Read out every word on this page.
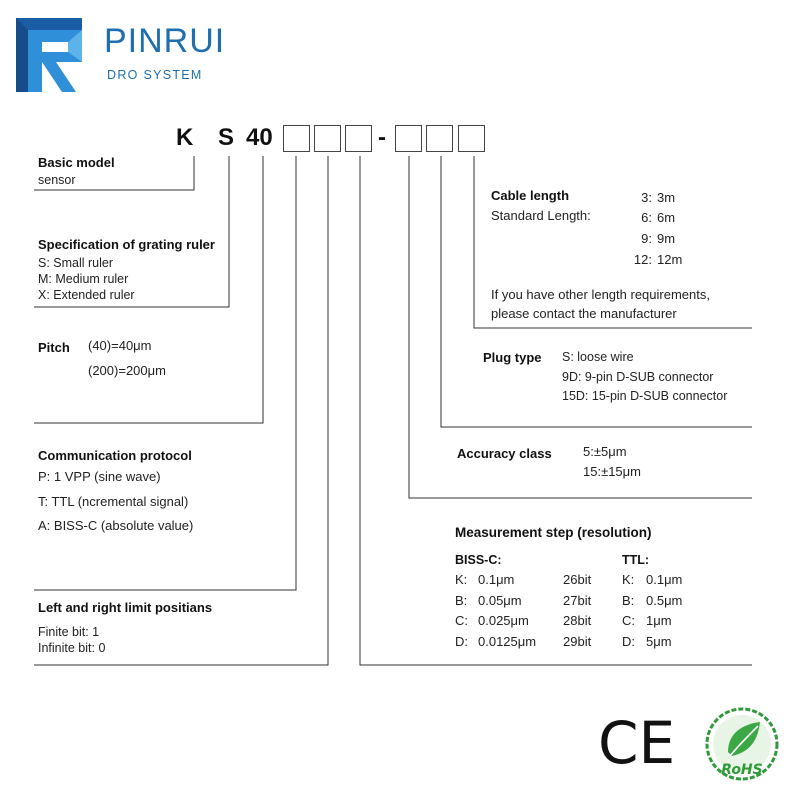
PINRUI
DRO SYSTEM
K S 40	-
Basic model
sensor
Specification of grating ruler
S: Small ruler
M: Medium ruler
X: Extended ruler
Pitch (40)=40μm
(200)=200μm
Communication protocol
P: 1 VPP (sine wave)
T: TTL (ncremental signal)
A: BISS-C (absolute value)
Left and right limit positians
Finite bit: 1
Infinite bit: 0
Cable length
Standard Length:
3: 3m
6: 6m
9: 9m
12: 12m
If you have other length requirements,
please contact the manufacturer
Plug type S: loose wire
9D: 9-pin D-SUB connector
15D: 15-pin D-SUB connector
Accuracy class 5:±5μm
15:±15μm
Measurement step (resolution)
BISS-C:	TTL:
K: 0.1μm	26bit K: 0.1μm
B: 0.05μm	27bit B: 0.5μm
C: 0.025μm	28bit C: 1μm
D: 0.0125μm 29bit D: 5μm
CE	RoHS
